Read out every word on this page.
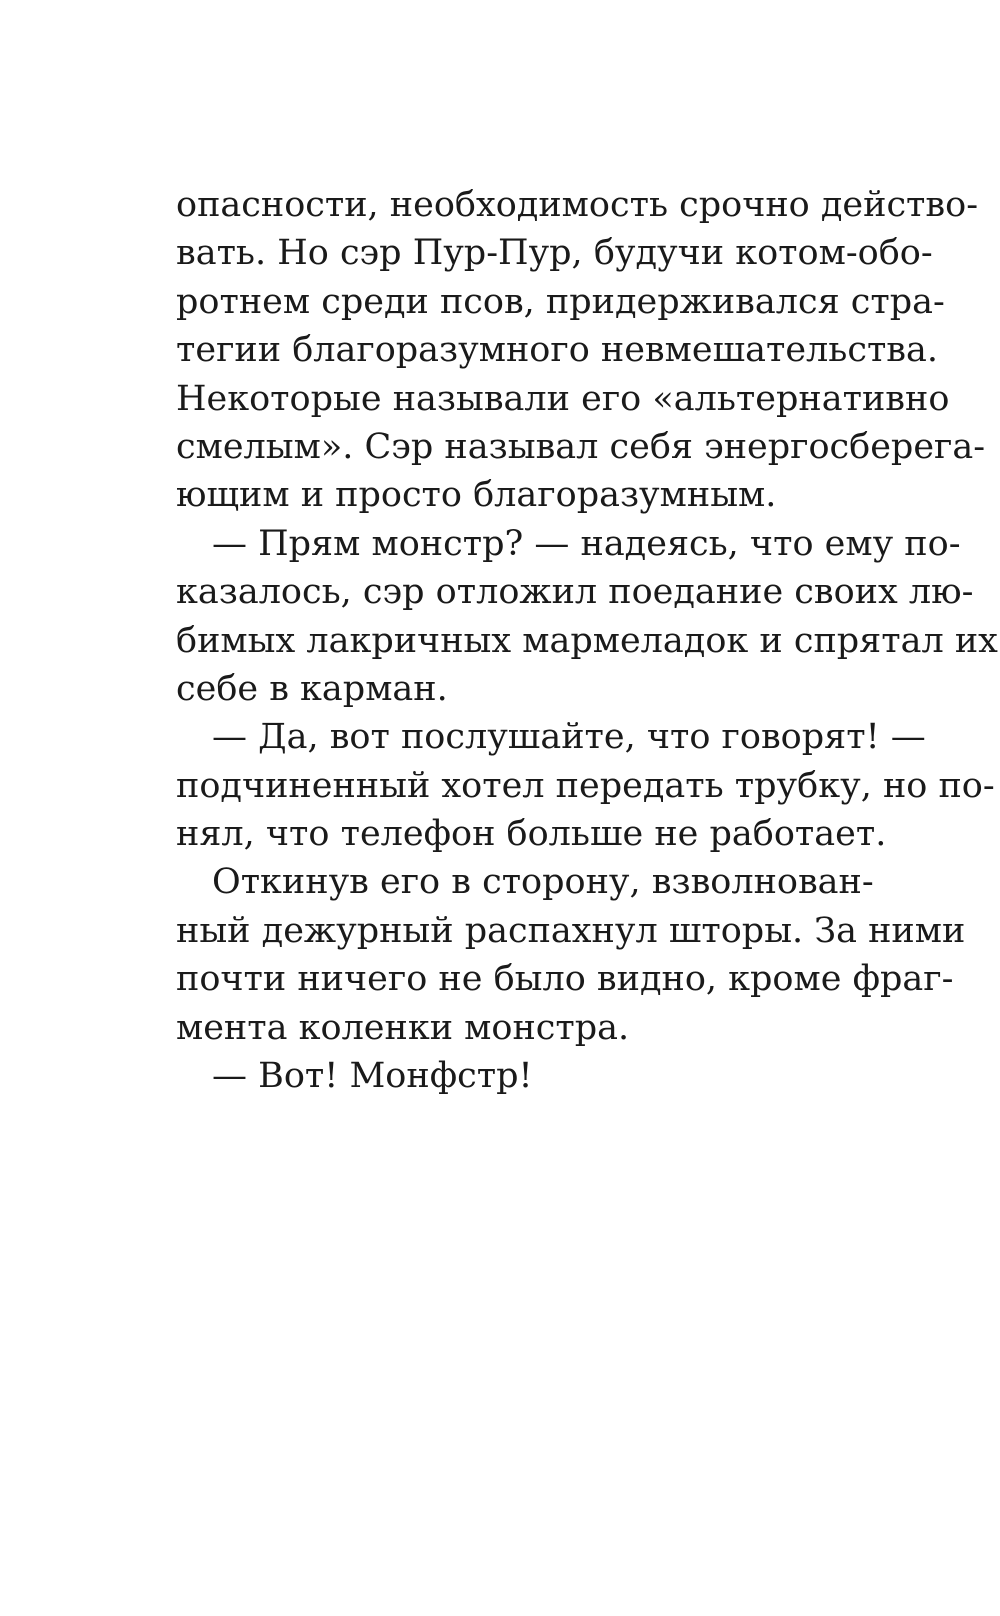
опасности, необходимость срочно действо-
вать. Но сэр Пур-Пур, будучи котом-обо-
ротнем среди псов, придерживался стра-
тегии благоразумного невмешательства.
Некоторые называли его «альтернативно
смелым». Сэр называл себя энергосберега-
ющим и просто благоразумным.
— Прям монстр? — надеясь, что ему по-
казалось, сэр отложил поедание своих лю-
бимых лакричных мармеладок и спрятал их
себе в карман.
— Да, вот послушайте, что говорят! —
подчиненный хотел передать трубку, но по-
нял, что телефон больше не работает.
Откинув его в сторону, взволнован-
ный дежурный распахнул шторы. За ними
почти ничего не было видно, кроме фраг-
мента коленки монстра.
— Вот! Монфстр!
